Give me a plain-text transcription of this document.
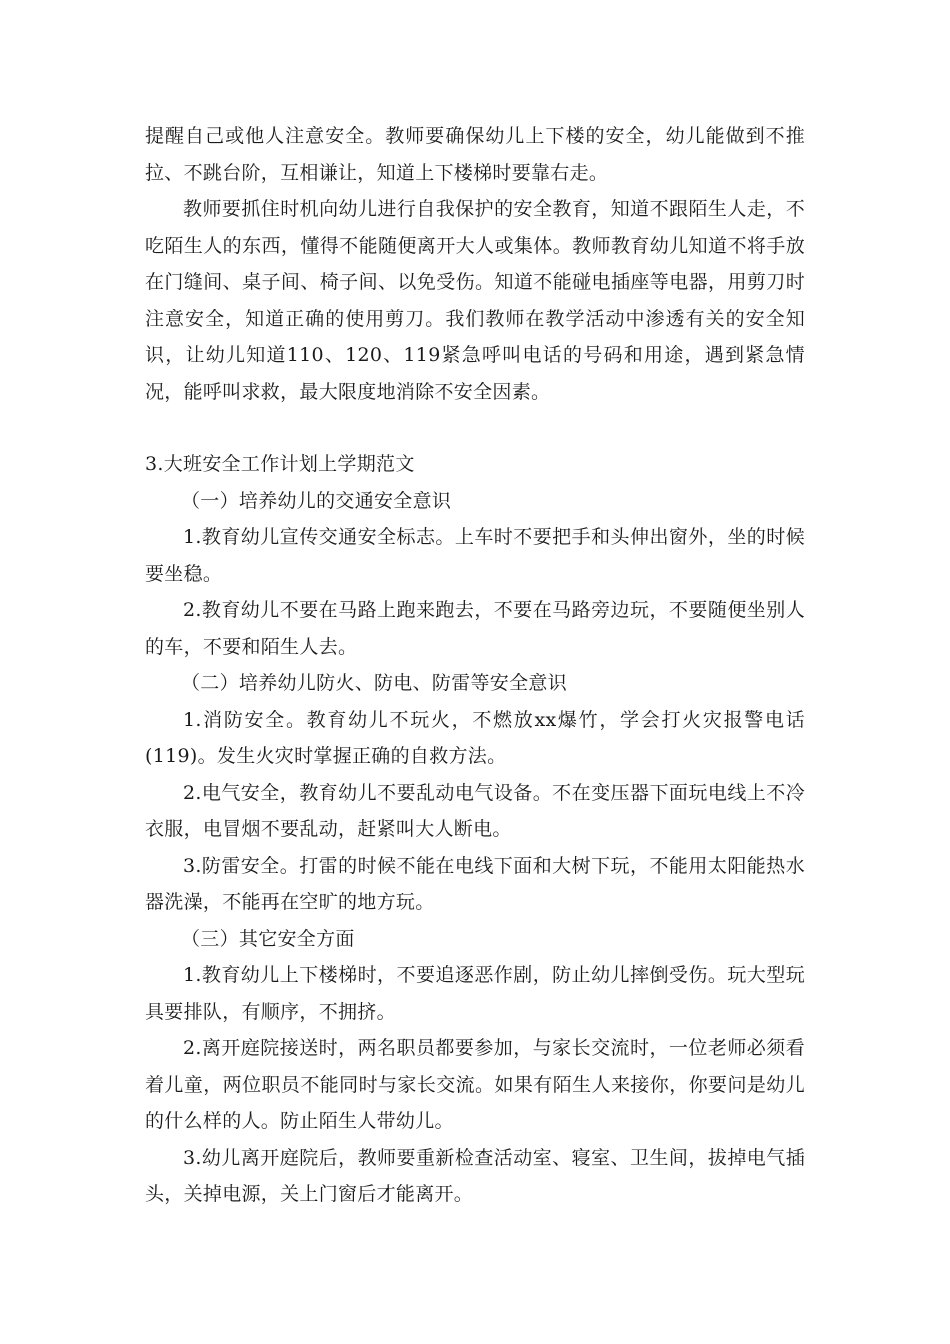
提醒自己或他人注意安全。教师要确保幼儿上下楼的安全，幼儿能做到不推拉、不跳台阶，互相谦让，知道上下楼梯时要靠右走。

教师要抓住时机向幼儿进行自我保护的安全教育，知道不跟陌生人走，不吃陌生人的东西，懂得不能随便离开大人或集体。教师教育幼儿知道不将手放在门缝间、桌子间、椅子间、以免受伤。知道不能碰电插座等电器，用剪刀时注意安全，知道正确的使用剪刀。我们教师在教学活动中渗透有关的安全知识，让幼儿知道110、120、119紧急呼叫电话的号码和用途，遇到紧急情况，能呼叫求救，最大限度地消除不安全因素。

3.大班安全工作计划上学期范文

（一）培养幼儿的交通安全意识

1.教育幼儿宣传交通安全标志。上车时不要把手和头伸出窗外，坐的时候要坐稳。

2.教育幼儿不要在马路上跑来跑去，不要在马路旁边玩，不要随便坐别人的车，不要和陌生人去。

（二）培养幼儿防火、防电、防雷等安全意识

1.消防安全。教育幼儿不玩火，不燃放xx爆竹，学会打火灾报警电话(119)。发生火灾时掌握正确的自救方法。

2.电气安全，教育幼儿不要乱动电气设备。不在变压器下面玩电线上不冷衣服，电冒烟不要乱动，赶紧叫大人断电。

3.防雷安全。打雷的时候不能在电线下面和大树下玩，不能用太阳能热水器洗澡，不能再在空旷的地方玩。

（三）其它安全方面

1.教育幼儿上下楼梯时，不要追逐恶作剧，防止幼儿摔倒受伤。玩大型玩具要排队，有顺序，不拥挤。

2.离开庭院接送时，两名职员都要参加，与家长交流时，一位老师必须看着儿童，两位职员不能同时与家长交流。如果有陌生人来接你，你要问是幼儿的什么样的人。防止陌生人带幼儿。

3.幼儿离开庭院后，教师要重新检查活动室、寝室、卫生间，拔掉电气插头，关掉电源，关上门窗后才能离开。
